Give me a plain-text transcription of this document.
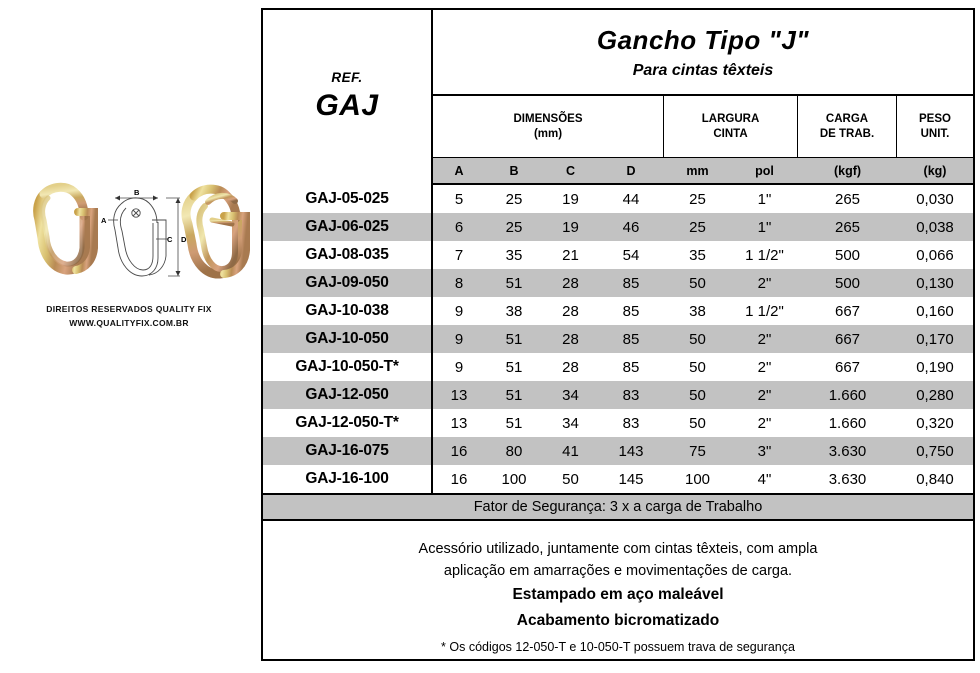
A
B
C D
DIREITOS RESERVADOS QUALITY FIX
WWW.QUALITYFIX.COM.BR
REF.
GAJ
Gancho Tipo "J"
Para cintas têxteis
DIMENSÕES
(mm)
LARGURA
CINTA
CARGA
DE TRAB.
PESO
UNIT.
A	B	C	D	mm	pol	(kgf)	(kg)
GAJ-05-025	5	25	19	44	25	1"	265	0,030
GAJ-06-025	6	25	19	46	25	1"	265	0,038
GAJ-08-035	7	35	21	54	35	1 1/2"	500	0,066
GAJ-09-050	8	51	28	85	50	2"	500	0,130
GAJ-10-038	9	38	28	85	38	1 1/2"	667	0,160
GAJ-10-050	9	51	28	85	50	2"	667	0,170
GAJ-10-050-T*	9	51	28	85	50	2"	667	0,190
GAJ-12-050	13	51	34	83	50	2"	1.660	0,280
GAJ-12-050-T*	13	51	34	83	50	2"	1.660	0,320
GAJ-16-075	16	80	41	143	75	3"	3.630	0,750
GAJ-16-100	16	100	50	145	100	4"	3.630	0,840
Fator de Segurança: 3 x a carga de Trabalho
Acessório utilizado, juntamente com cintas têxteis, com ampla
aplicação em amarrações e movimentações de carga.
Estampado em aço maleável
Acabamento bicromatizado
* Os códigos 12-050-T e 10-050-T possuem trava de segurança
